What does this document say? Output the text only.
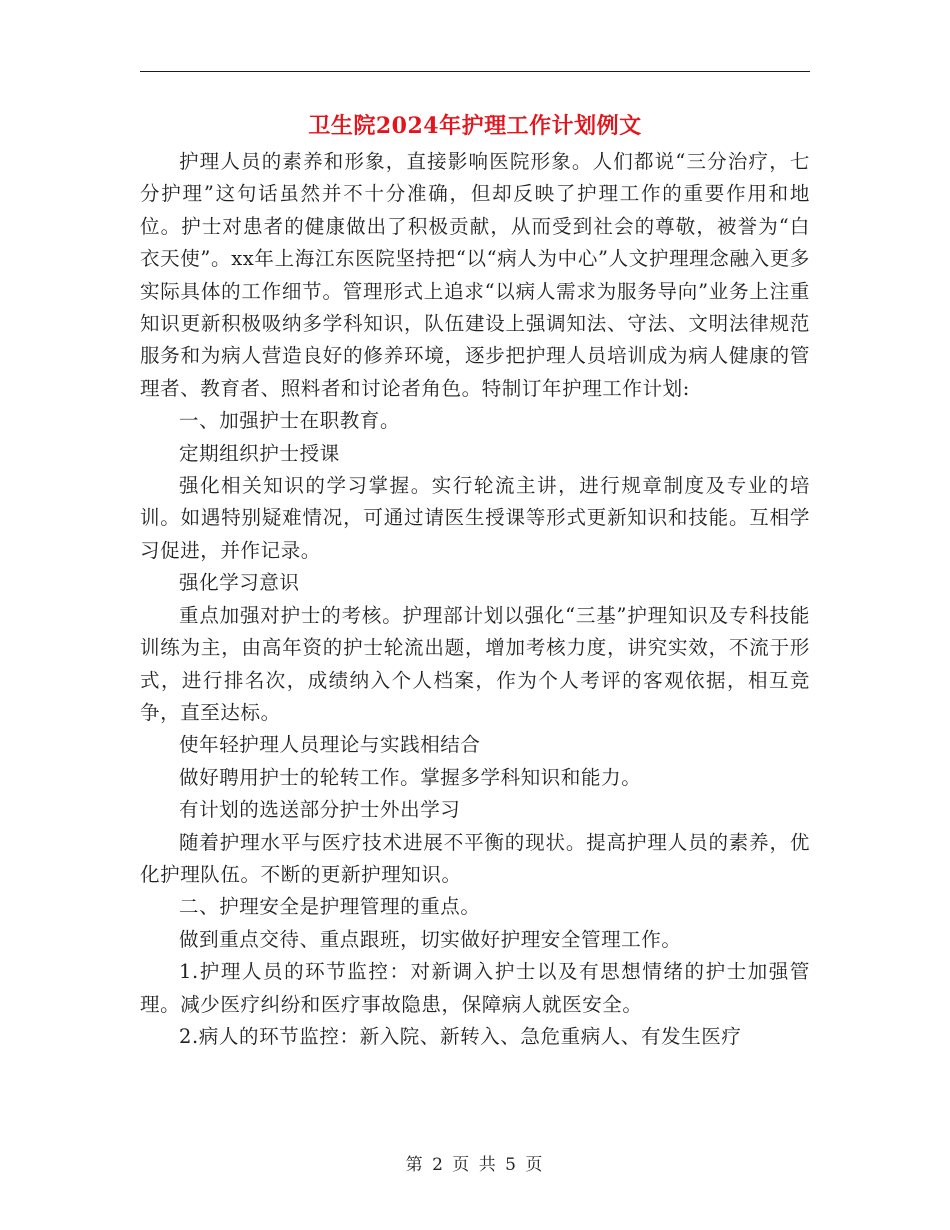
卫生院2024年护理工作计划例文

护理人员的素养和形象，直接影响医院形象。人们都说“三分治疗，七分护理”这句话虽然并不十分准确，但却反映了护理工作的重要作用和地位。护士对患者的健康做出了积极贡献，从而受到社会的尊敬，被誉为“白衣天使”。xx年上海江东医院坚持把“以“病人为中心”人文护理理念融入更多实际具体的工作细节。管理形式上追求“以病人需求为服务导向”业务上注重知识更新积极吸纳多学科知识，队伍建设上强调知法、守法、文明法律规范服务和为病人营造良好的修养环境，逐步把护理人员培训成为病人健康的管理者、教育者、照料者和讨论者角色。特制订年护理工作计划:

一、加强护士在职教育。

定期组织护士授课

强化相关知识的学习掌握。实行轮流主讲，进行规章制度及专业的培训。如遇特别疑难情况，可通过请医生授课等形式更新知识和技能。互相学习促进，并作记录。

强化学习意识

重点加强对护士的考核。护理部计划以强化“三基”护理知识及专科技能训练为主，由高年资的护士轮流出题，增加考核力度，讲究实效，不流于形式，进行排名次，成绩纳入个人档案，作为个人考评的客观依据，相互竞争，直至达标。

使年轻护理人员理论与实践相结合

做好聘用护士的轮转工作。掌握多学科知识和能力。

有计划的选送部分护士外出学习

随着护理水平与医疗技术进展不平衡的现状。提高护理人员的素养，优化护理队伍。不断的更新护理知识。

二、护理安全是护理管理的重点。

做到重点交待、重点跟班，切实做好护理安全管理工作。

1.护理人员的环节监控：对新调入护士以及有思想情绪的护士加强管理。减少医疗纠纷和医疗事故隐患，保障病人就医安全。

2.病人的环节监控：新入院、新转入、急危重病人、有发生医疗

第 2 页 共 5 页
